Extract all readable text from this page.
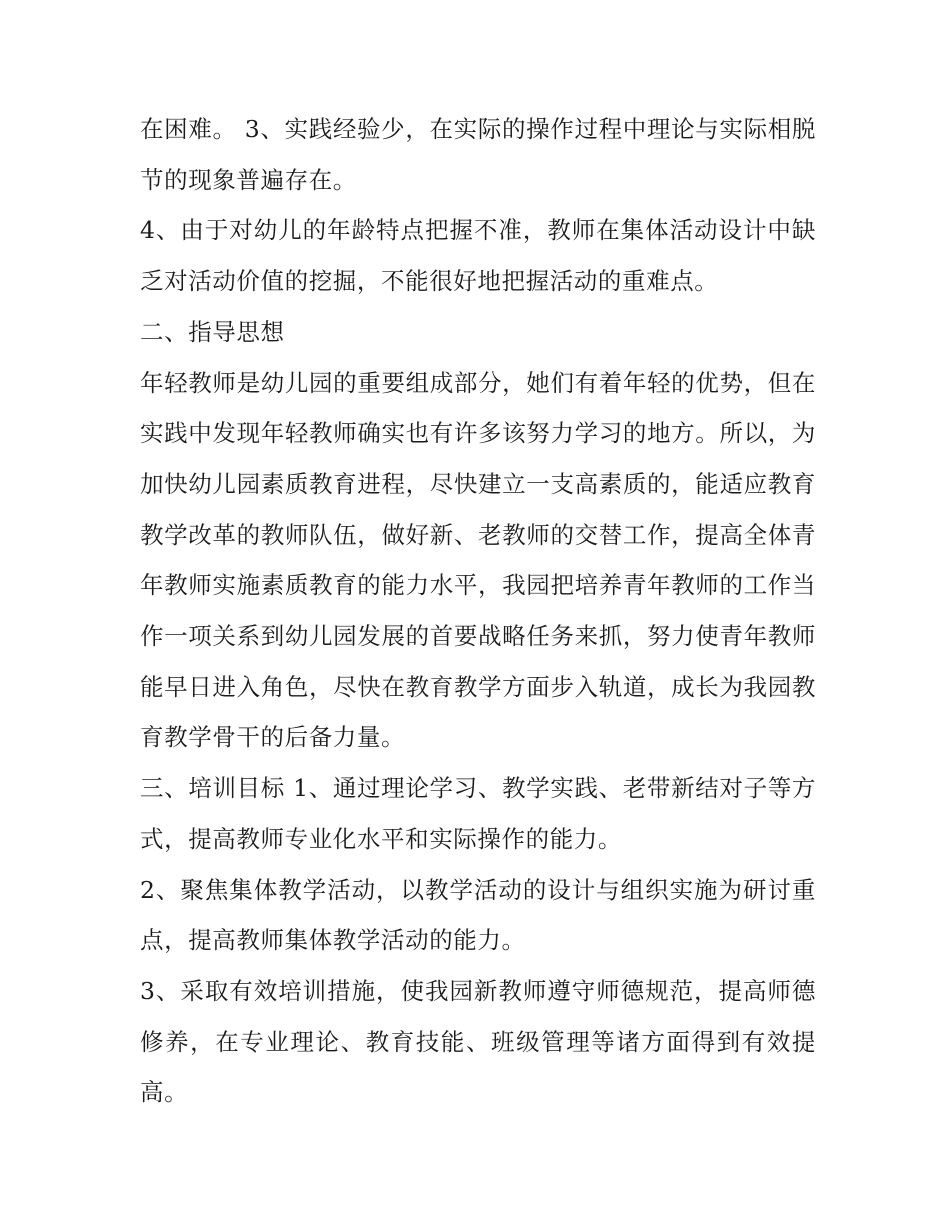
在困难。 3、实践经验少，在实际的操作过程中理论与实际相脱节的现象普遍存在。

4、由于对幼儿的年龄特点把握不准，教师在集体活动设计中缺乏对活动价值的挖掘，不能很好地把握活动的重难点。

二、指导思想

年轻教师是幼儿园的重要组成部分，她们有着年轻的优势，但在实践中发现年轻教师确实也有许多该努力学习的地方。所以，为加快幼儿园素质教育进程，尽快建立一支高素质的，能适应教育教学改革的教师队伍，做好新、老教师的交替工作，提高全体青年教师实施素质教育的能力水平，我园把培养青年教师的工作当作一项关系到幼儿园发展的首要战略任务来抓，努力使青年教师能早日进入角色，尽快在教育教学方面步入轨道，成长为我园教育教学骨干的后备力量。

三、培训目标 1、通过理论学习、教学实践、老带新结对子等方式，提高教师专业化水平和实际操作的能力。

2、聚焦集体教学活动，以教学活动的设计与组织实施为研讨重点，提高教师集体教学活动的能力。

3、采取有效培训措施，使我园新教师遵守师德规范，提高师德修养，在专业理论、教育技能、班级管理等诸方面得到有效提高。
